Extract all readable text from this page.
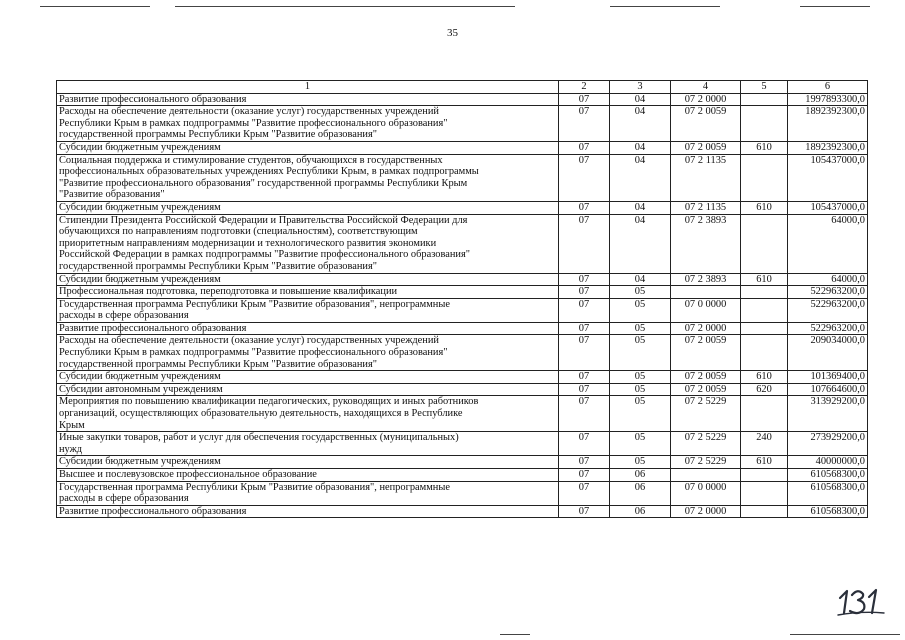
35
1	2	3	4	5	6
Развитие профессионального образования	07	04	07 2 0000		1997893300,0
Расходы на обеспечение деятельности (оказание услуг) государственных учреждений
Республики Крым в рамках подпрограммы "Развитие профессионального образования"
государственной программы Республики Крым "Развитие образования"	07	04	07 2 0059		1892392300,0
Субсидии бюджетным учреждениям	07	04	07 2 0059	610	1892392300,0
Социальная поддержка и стимулирование студентов, обучающихся в государственных
профессиональных образовательных учреждениях Республики Крым, в рамках подпрограммы
"Развитие профессионального образования" государственной программы Республики Крым
"Развитие образования"	07	04	07 2 1135		105437000,0
Субсидии бюджетным учреждениям	07	04	07 2 1135	610	105437000,0
Стипендии Президента Российской Федерации и Правительства Российской Федерации для
обучающихся по направлениям подготовки (специальностям), соответствующим
приоритетным направлениям модернизации и технологического развития экономики
Российской Федерации в рамках подпрограммы "Развитие профессионального образования"
государственной программы Республики Крым "Развитие образования"	07	04	07 2 3893		64000,0
Субсидии бюджетным учреждениям	07	04	07 2 3893	610	64000,0
Профессиональная подготовка, переподготовка и повышение квалификации	07	05			522963200,0
Государственная программа Республики Крым "Развитие образования", непрограммные
расходы в сфере образования	07	05	07 0 0000		522963200,0
Развитие профессионального образования	07	05	07 2 0000		522963200,0
Расходы на обеспечение деятельности (оказание услуг) государственных учреждений
Республики Крым в рамках подпрограммы "Развитие профессионального образования"
государственной программы Республики Крым "Развитие образования"	07	05	07 2 0059		209034000,0
Субсидии бюджетным учреждениям	07	05	07 2 0059	610	101369400,0
Субсидии автономным учреждениям	07	05	07 2 0059	620	107664600,0
Мероприятия по повышению квалификации педагогических, руководящих и иных работников
организаций, осуществляющих образовательную деятельность, находящихся в Республике
Крым	07	05	07 2 5229		313929200,0
Иные закупки товаров, работ и услуг для обеспечения государственных (муниципальных)
нужд	07	05	07 2 5229	240	273929200,0
Субсидии бюджетным учреждениям	07	05	07 2 5229	610	40000000,0
Высшее и послевузовское профессиональное образование	07	06			610568300,0
Государственная программа Республики Крым "Развитие образования", непрограммные
расходы в сфере образования	07	06	07 0 0000		610568300,0
Развитие профессионального образования	07	06	07 2 0000		610568300,0
